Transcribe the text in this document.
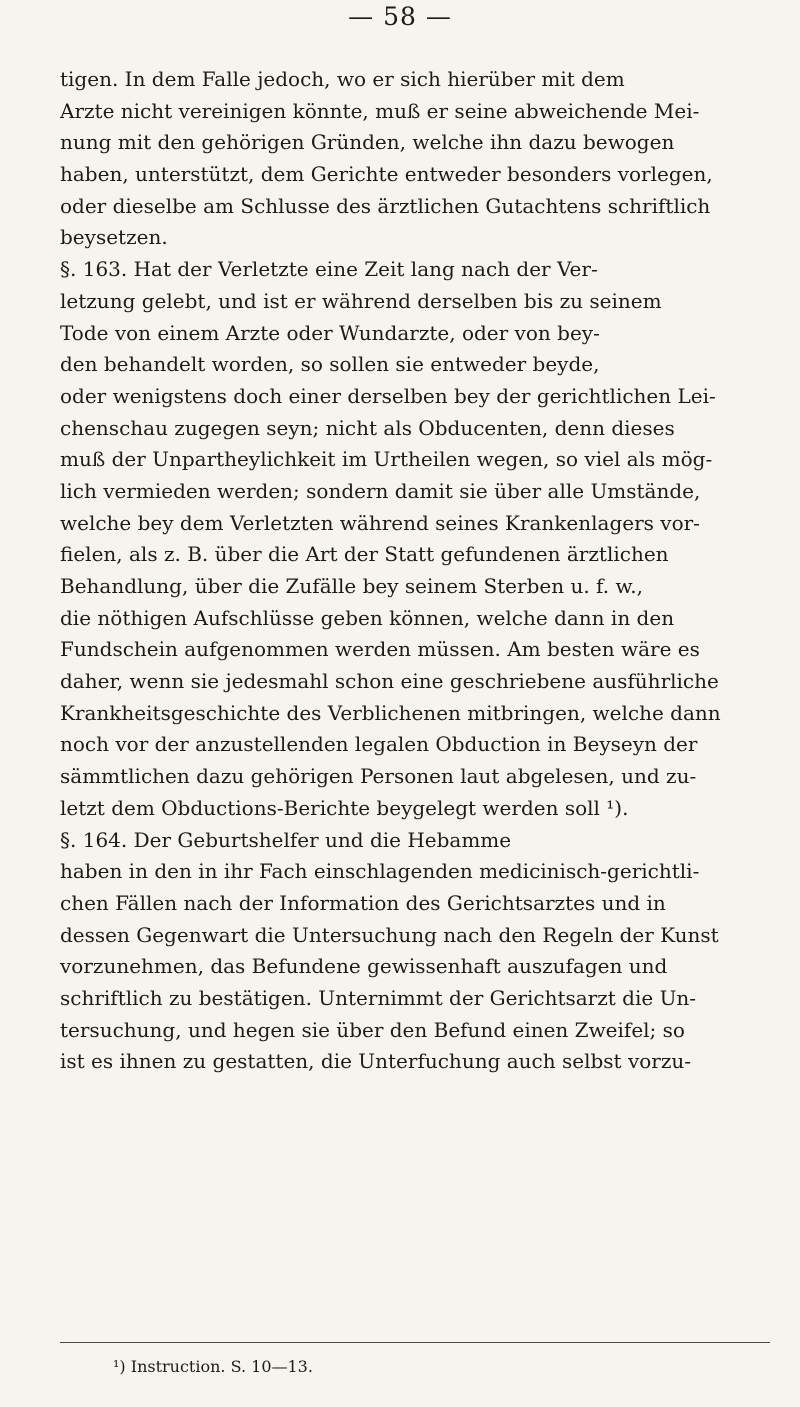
— 58 —
tigen. In dem Falle jedoch, wo er sich hierüber mit dem
Arzte nicht vereinigen könnte, muß er seine abweichende Mei-
nung mit den gehörigen Gründen, welche ihn dazu bewogen
haben, unterstützt, dem Gerichte entweder besonders vorlegen,
oder dieselbe am Schlusse des ärztlichen Gutachtens schriftlich
beysetzen.
§. 163. Hat der Verletzte eine Zeit lang nach der Ver-
letzung gelebt, und ist er während derselben bis zu seinem
Tode von einem Arzte oder Wundarzte, oder von bey-
den behandelt worden, so sollen sie entweder beyde,
oder wenigstens doch einer derselben bey der gerichtlichen Lei-
chenschau zugegen seyn; nicht als Obducenten, denn dieses
muß der Unpartheylichkeit im Urtheilen wegen, so viel als mög-
lich vermieden werden; sondern damit sie über alle Umstände,
welche bey dem Verletzten während seines Krankenlagers vor-
fielen, als z. B. über die Art der Statt gefundenen ärztlichen
Behandlung, über die Zufälle bey seinem Sterben u. f. w.,
die nöthigen Aufschlüsse geben können, welche dann in den
Fundschein aufgenommen werden müssen. Am besten wäre es
daher, wenn sie jedesmahl schon eine geschriebene ausführliche
Krankheitsgeschichte des Verblichenen mitbringen, welche dann
noch vor der anzustellenden legalen Obduction in Beyseyn der
sämmtlichen dazu gehörigen Personen laut abgelesen, und zu-
letzt dem Obductions-Berichte beygelegt werden soll ¹).
§. 164. Der Geburtshelfer und die Hebamme
haben in den in ihr Fach einschlagenden medicinisch-gerichtli-
chen Fällen nach der Information des Gerichtsarztes und in
dessen Gegenwart die Untersuchung nach den Regeln der Kunst
vorzunehmen, das Befundene gewissenhaft auszufagen und
schriftlich zu bestätigen. Unternimmt der Gerichtsarzt die Un-
tersuchung, und hegen sie über den Befund einen Zweifel; so
ist es ihnen zu gestatten, die Unterfuchung auch selbst vorzu-
¹) Instruction. S. 10—13.
